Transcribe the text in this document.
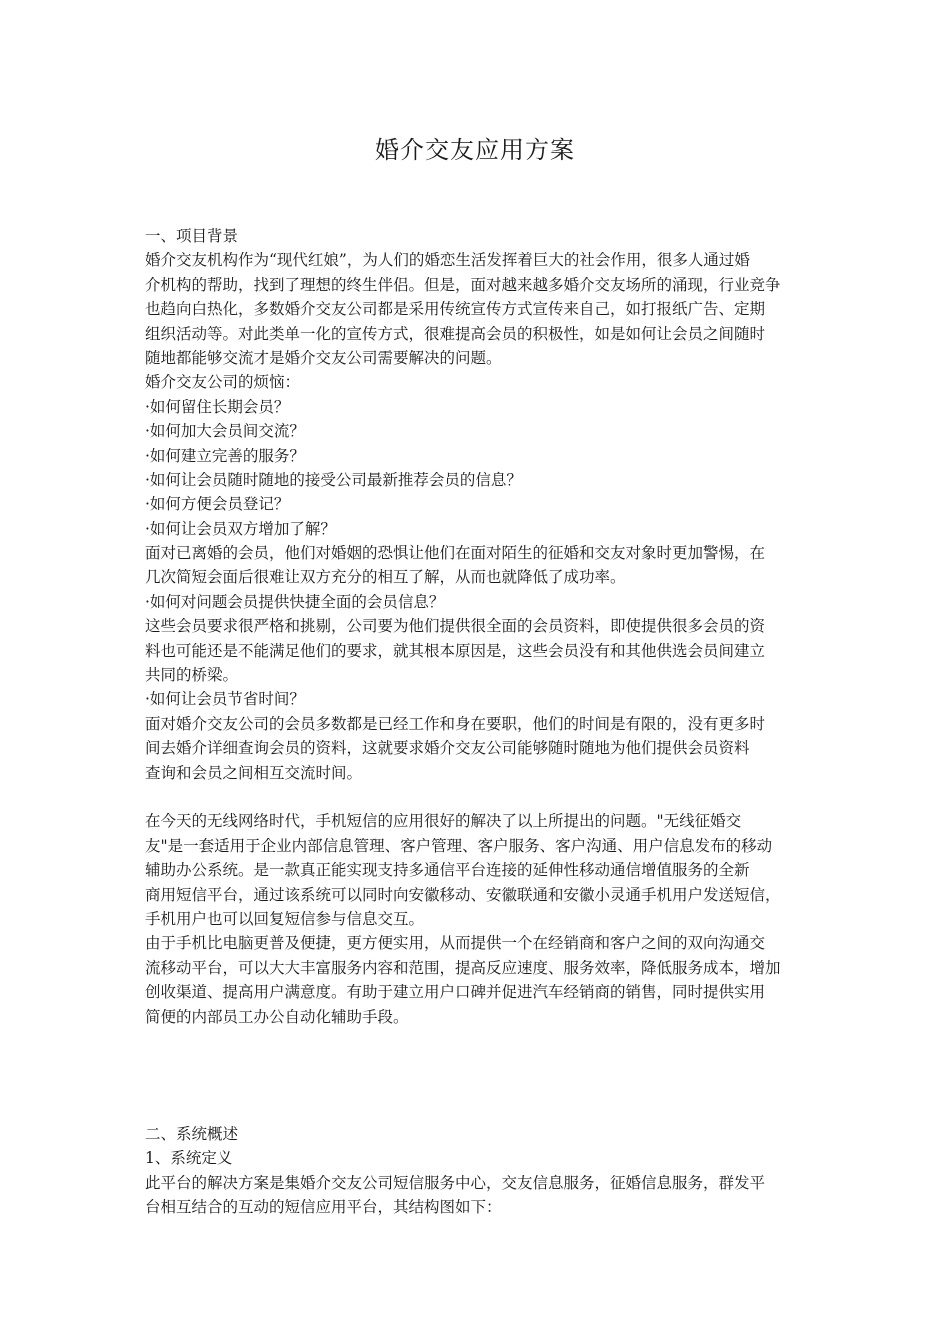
婚介交友应用方案
一、项目背景
婚介交友机构作为“现代红娘”，为人们的婚恋生活发挥着巨大的社会作用，很多人通过婚
介机构的帮助，找到了理想的终生伴侣。但是，面对越来越多婚介交友场所的涌现，行业竞争
也趋向白热化，多数婚介交友公司都是采用传统宣传方式宣传来自己，如打报纸广告、定期
组织活动等。对此类单一化的宣传方式，很难提高会员的积极性，如是如何让会员之间随时
随地都能够交流才是婚介交友公司需要解决的问题。
婚介交友公司的烦恼：
·如何留住长期会员？
·如何加大会员间交流？
·如何建立完善的服务？
·如何让会员随时随地的接受公司最新推荐会员的信息？
·如何方便会员登记？
·如何让会员双方增加了解？
面对已离婚的会员，他们对婚姻的恐惧让他们在面对陌生的征婚和交友对象时更加警惕，在
几次简短会面后很难让双方充分的相互了解，从而也就降低了成功率。
·如何对问题会员提供快捷全面的会员信息？
这些会员要求很严格和挑剔，公司要为他们提供很全面的会员资料，即使提供很多会员的资
料也可能还是不能满足他们的要求，就其根本原因是，这些会员没有和其他供选会员间建立
共同的桥梁。
·如何让会员节省时间？
面对婚介交友公司的会员多数都是已经工作和身在要职，他们的时间是有限的，没有更多时
间去婚介详细查询会员的资料，这就要求婚介交友公司能够随时随地为他们提供会员资料
查询和会员之间相互交流时间。
在今天的无线网络时代，手机短信的应用很好的解决了以上所提出的问题。"无线征婚交
友"是一套适用于企业内部信息管理、客户管理、客户服务、客户沟通、用户信息发布的移动
辅助办公系统。是一款真正能实现支持多通信平台连接的延伸性移动通信增值服务的全新
商用短信平台，通过该系统可以同时向安徽移动、安徽联通和安徽小灵通手机用户发送短信，
手机用户也可以回复短信参与信息交互。
由于手机比电脑更普及便捷，更方便实用，从而提供一个在经销商和客户之间的双向沟通交
流移动平台，可以大大丰富服务内容和范围，提高反应速度、服务效率，降低服务成本，增加
创收渠道、提高用户满意度。有助于建立用户口碑并促进汽车经销商的销售，同时提供实用
简便的内部员工办公自动化辅助手段。
二、系统概述
1、系统定义
此平台的解决方案是集婚介交友公司短信服务中心，交友信息服务，征婚信息服务，群发平
台相互结合的互动的短信应用平台，其结构图如下：
